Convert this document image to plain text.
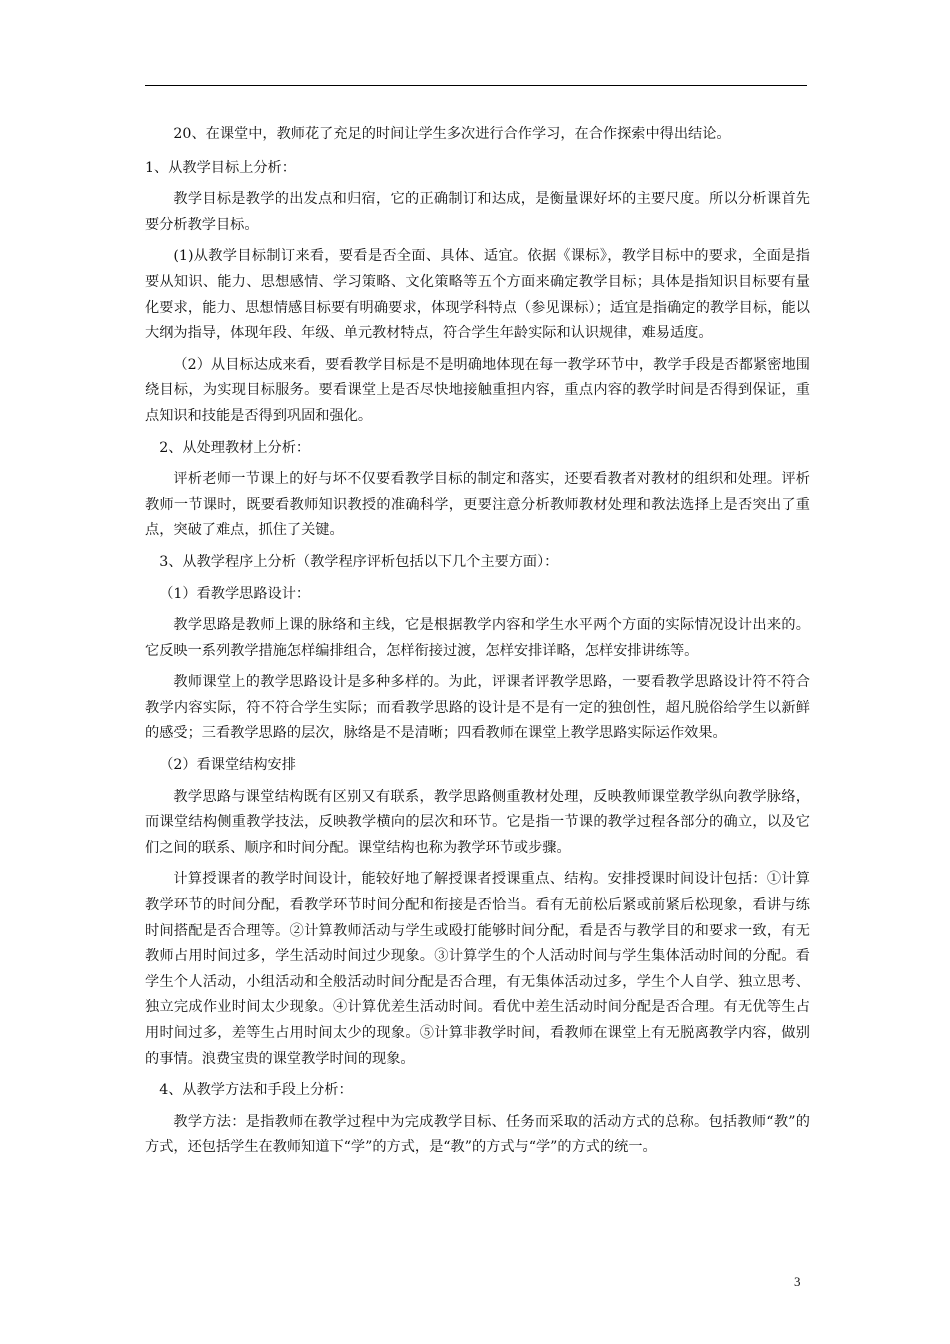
20、在课堂中，教师花了充足的时间让学生多次进行合作学习，在合作探索中得出结论。

1、从教学目标上分析：

教学目标是教学的出发点和归宿，它的正确制订和达成，是衡量课好坏的主要尺度。所以分析课首先要分析教学目标。

(1)从教学目标制订来看，要看是否全面、具体、适宜。依据《课标》，教学目标中的要求，全面是指要从知识、能力、思想感情、学习策略、文化策略等五个方面来确定教学目标；具体是指知识目标要有量化要求，能力、思想情感目标要有明确要求，体现学科特点（参见课标）；适宜是指确定的教学目标，能以大纲为指导，体现年段、年级、单元教材特点，符合学生年龄实际和认识规律，难易适度。

（2）从目标达成来看，要看教学目标是不是明确地体现在每一教学环节中，教学手段是否都紧密地围绕目标，为实现目标服务。要看课堂上是否尽快地接触重担内容，重点内容的教学时间是否得到保证，重点知识和技能是否得到巩固和强化。

2、从处理教材上分析：

评析老师一节课上的好与坏不仅要看教学目标的制定和落实，还要看教者对教材的组织和处理。评析教师一节课时，既要看教师知识教授的准确科学，更要注意分析教师教材处理和教法选择上是否突出了重点，突破了难点，抓住了关键。

3、从教学程序上分析（教学程序评析包括以下几个主要方面）：

（1）看教学思路设计：

教学思路是教师上课的脉络和主线，它是根据教学内容和学生水平两个方面的实际情况设计出来的。它反映一系列教学措施怎样编排组合，怎样衔接过渡，怎样安排详略，怎样安排讲练等。

教师课堂上的教学思路设计是多种多样的。为此，评课者评教学思路，一要看教学思路设计符不符合教学内容实际，符不符合学生实际；而看教学思路的设计是不是有一定的独创性，超凡脱俗给学生以新鲜的感受；三看教学思路的层次，脉络是不是清晰；四看教师在课堂上教学思路实际运作效果。

（2）看课堂结构安排

教学思路与课堂结构既有区别又有联系，教学思路侧重教材处理，反映教师课堂教学纵向教学脉络，而课堂结构侧重教学技法，反映教学横向的层次和环节。它是指一节课的教学过程各部分的确立，以及它们之间的联系、顺序和时间分配。课堂结构也称为教学环节或步骤。

计算授课者的教学时间设计，能较好地了解授课者授课重点、结构。安排授课时间设计包括：①计算教学环节的时间分配，看教学环节时间分配和衔接是否恰当。看有无前松后紧或前紧后松现象，看讲与练时间搭配是否合理等。②计算教师活动与学生或殴打能够时间分配，看是否与教学目的和要求一致，有无教师占用时间过多，学生活动时间过少现象。③计算学生的个人活动时间与学生集体活动时间的分配。看学生个人活动，小组活动和全般活动时间分配是否合理，有无集体活动过多，学生个人自学、独立思考、独立完成作业时间太少现象。④计算优差生活动时间。看优中差生活动时间分配是否合理。有无优等生占用时间过多，差等生占用时间太少的现象。⑤计算非教学时间，看教师在课堂上有无脱离教学内容，做别的事情。浪费宝贵的课堂教学时间的现象。

4、从教学方法和手段上分析：

教学方法：是指教师在教学过程中为完成教学目标、任务而采取的活动方式的总称。包括教师“教”的方式，还包括学生在教师知道下“学”的方式，是“教”的方式与“学”的方式的统一。

3
